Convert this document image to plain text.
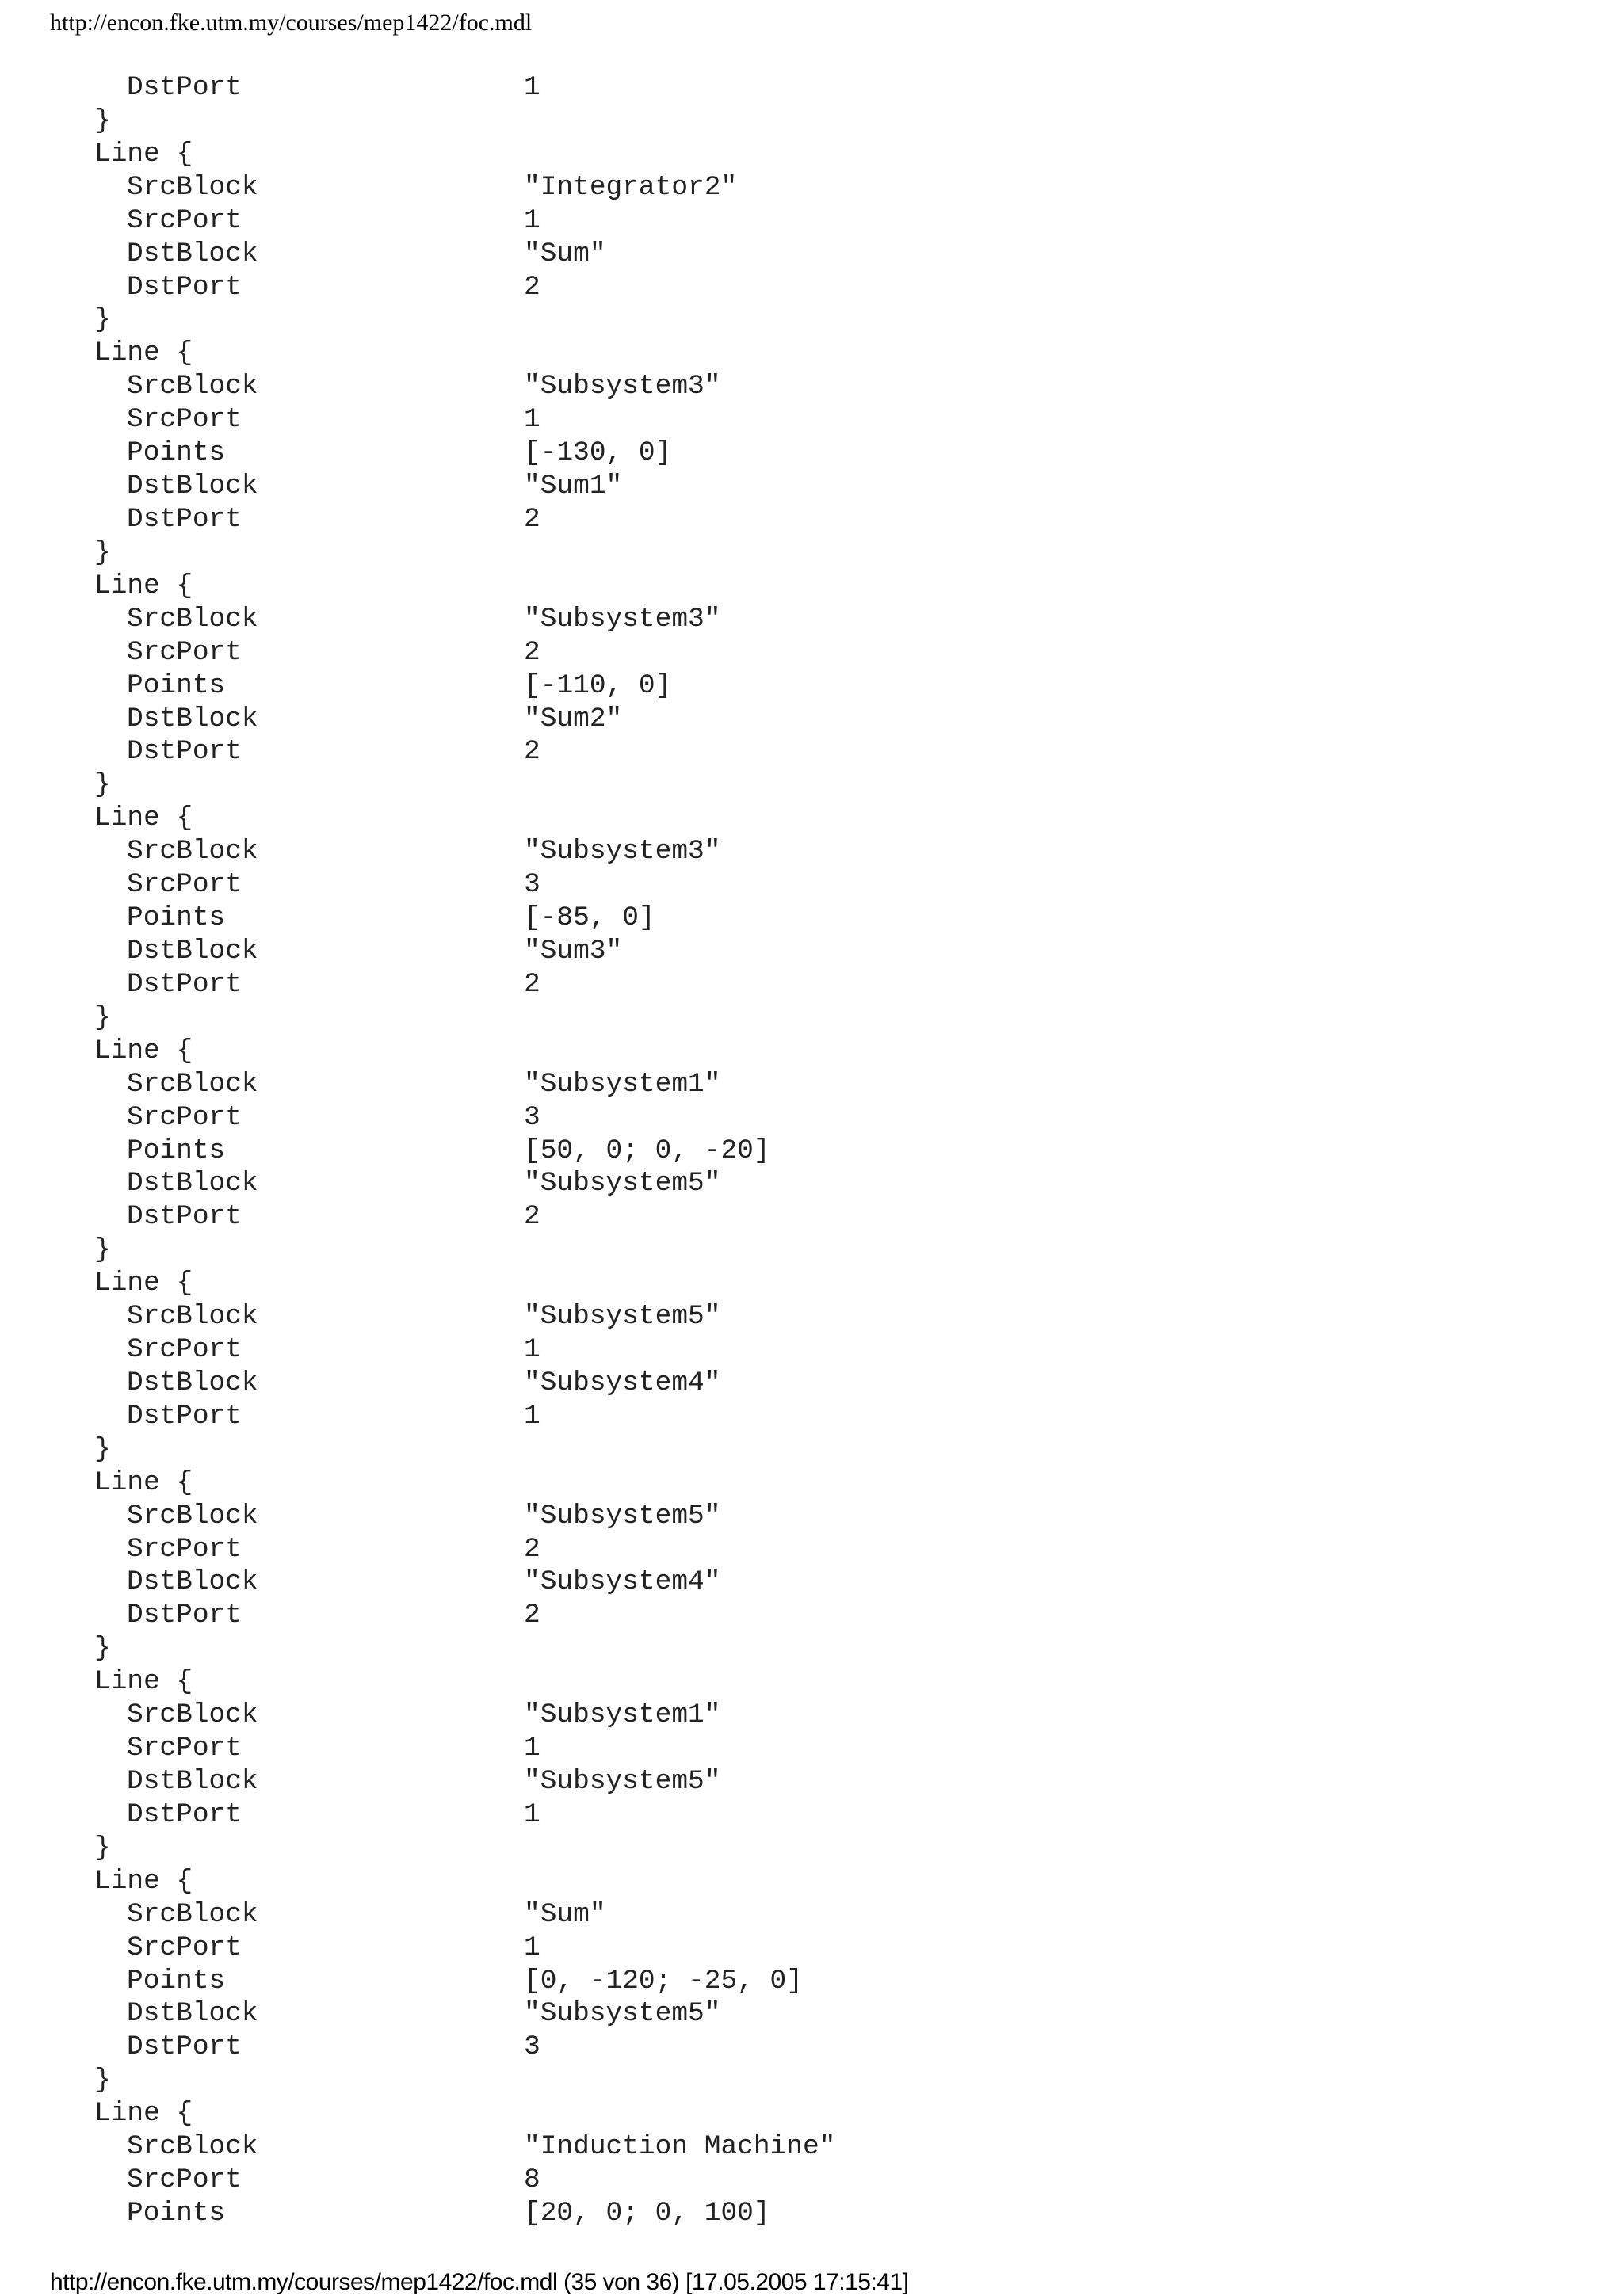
http://encon.fke.utm.my/courses/mep1422/foc.mdl
DstPort	1
}
Line {
SrcBlock	"Integrator2"
SrcPort	1
DstBlock	"Sum"
DstPort	2
}
Line {
SrcBlock	"Subsystem3"
SrcPort	1
Points	[-130, 0]
DstBlock	"Sum1"
DstPort	2
}
Line {
SrcBlock	"Subsystem3"
SrcPort	2
Points	[-110, 0]
DstBlock	"Sum2"
DstPort	2
}
Line {
SrcBlock	"Subsystem3"
SrcPort	3
Points	[-85, 0]
DstBlock	"Sum3"
DstPort	2
}
Line {
SrcBlock	"Subsystem1"
SrcPort	3
Points	[50, 0; 0, -20]
DstBlock	"Subsystem5"
DstPort	2
}
Line {
SrcBlock	"Subsystem5"
SrcPort	1
DstBlock	"Subsystem4"
DstPort	1
}
Line {
SrcBlock	"Subsystem5"
SrcPort	2
DstBlock	"Subsystem4"
DstPort	2
}
Line {
SrcBlock	"Subsystem1"
SrcPort	1
DstBlock	"Subsystem5"
DstPort	1
}
Line {
SrcBlock	"Sum"
SrcPort	1
Points	[0, -120; -25, 0]
DstBlock	"Subsystem5"
DstPort	3
}
Line {
SrcBlock	"Induction Machine"
SrcPort	8
Points	[20, 0; 0, 100]
http://encon.fke.utm.my/courses/mep1422/foc.mdl (35 von 36) [17.05.2005 17:15:41]
